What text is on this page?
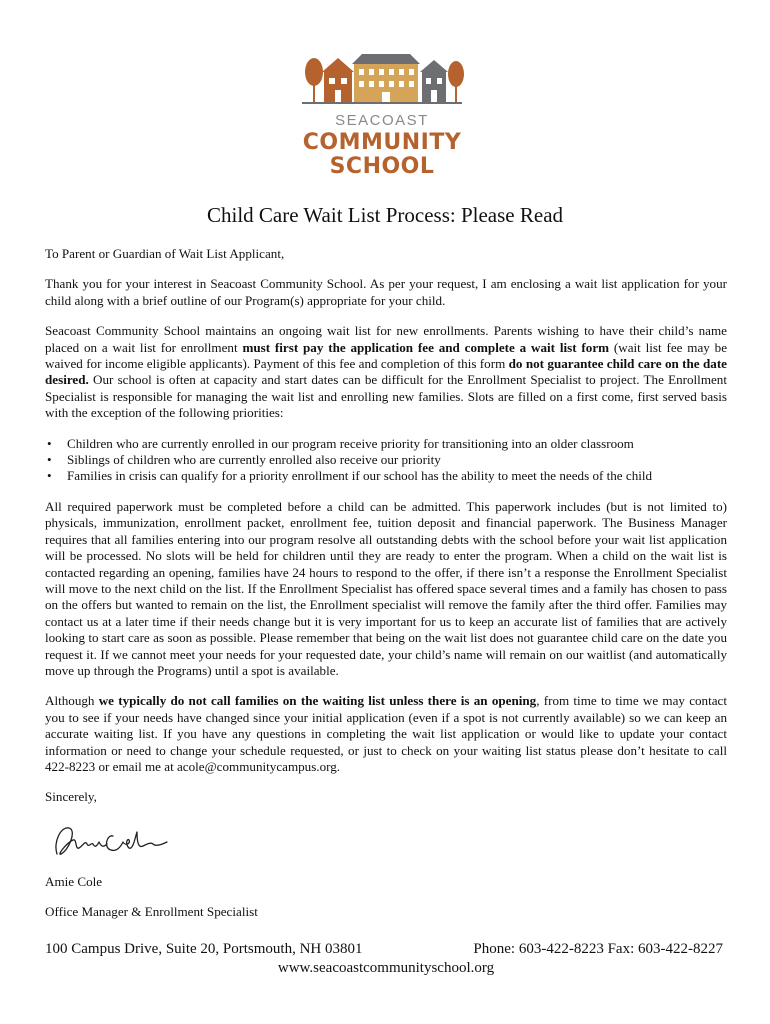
SEACOAST
COMMUNITY
SCHOOL
Child Care Wait List Process: Please Read

To Parent or Guardian of Wait List Applicant,

Thank you for your interest in Seacoast Community School. As per your request, I am enclosing a wait list application for your child along with a brief outline of our Program(s) appropriate for your child.

Seacoast Community School maintains an ongoing wait list for new enrollments. Parents wishing to have their child’s name placed on a wait list for enrollment must first pay the application fee and complete a wait list form (wait list fee may be waived for income eligible applicants). Payment of this fee and completion of this form do not guarantee child care on the date desired. Our school is often at capacity and start dates can be difficult for the Enrollment Specialist to project. The Enrollment Specialist is responsible for managing the wait list and enrolling new families. Slots are filled on a first come, first served basis with the exception of the following priorities:

• Children who are currently enrolled in our program receive priority for transitioning into an older classroom
• Siblings of children who are currently enrolled also receive our priority
• Families in crisis can qualify for a priority enrollment if our school has the ability to meet the needs of the child

All required paperwork must be completed before a child can be admitted. This paperwork includes (but is not limited to) physicals, immunization, enrollment packet, enrollment fee, tuition deposit and financial paperwork. The Business Manager requires that all families entering into our program resolve all outstanding debts with the school before your wait list application will be processed. No slots will be held for children until they are ready to enter the program. When a child on the wait list is contacted regarding an opening, families have 24 hours to respond to the offer, if there isn’t a response the Enrollment Specialist will move to the next child on the list. If the Enrollment Specialist has offered space several times and a family has chosen to pass on the offers but wanted to remain on the list, the Enrollment specialist will remove the family after the third offer. Families may contact us at a later time if their needs change but it is very important for us to keep an accurate list of families that are actively looking to start care as soon as possible. Please remember that being on the wait list does not guarantee child care on the date you request it. If we cannot meet your needs for your requested date, your child’s name will remain on our waitlist (and automatically move up through the Programs) until a spot is available.

Although we typically do not call families on the waiting list unless there is an opening, from time to time we may contact you to see if your needs have changed since your initial application (even if a spot is not currently available) so we can keep an accurate waiting list. If you have any questions in completing the wait list application or would like to update your contact information or need to change your schedule requested, or just to check on your waiting list status please don’t hesitate to call 422-8223 or email me at acole@communitycampus.org.

Sincerely,

Amie Cole

Office Manager & Enrollment Specialist

100 Campus Drive, Suite 20, Portsmouth, NH 03801	Phone: 603-422-8223 Fax: 603-422-8227
www.seacoastcommunityschool.org
